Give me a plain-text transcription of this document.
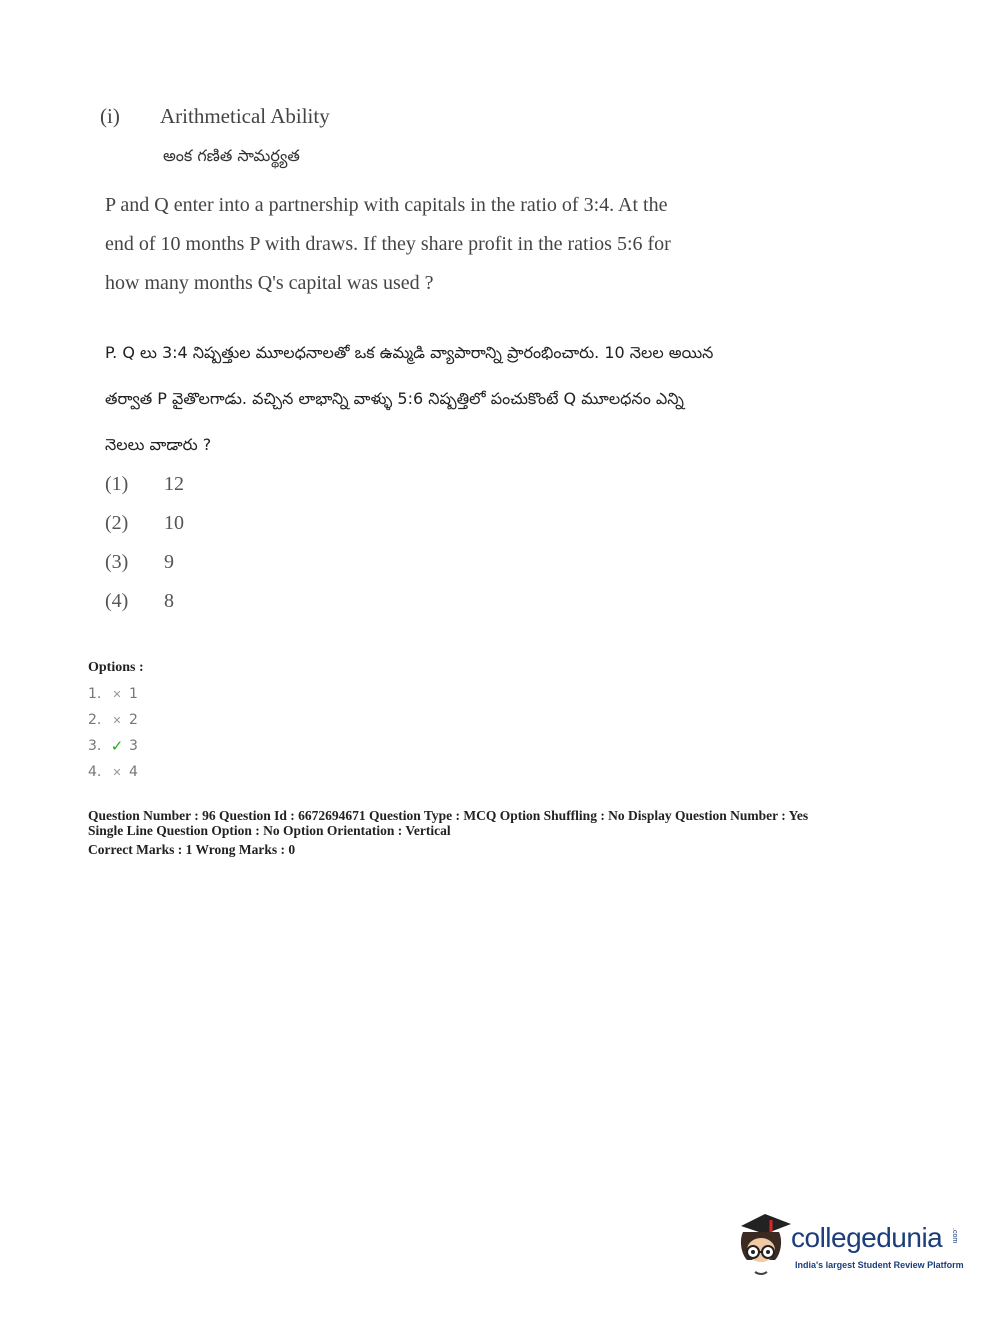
(i) Arithmetical Ability
అంక గణిత సామర్థ్యత
P and Q enter into a partnership with capitals in the ratio of 3:4. At the
end of 10 months P with draws. If they share profit in the ratios 5:6 for
how many months Q's capital was used ?
P. Q లు 3:4 నిష్పత్తుల మూలధనాలతో ఒక ఉమ్మడి వ్యాపారాన్ని ప్రారంభించారు. 10 నెలల అయిన
తర్వాత P వైతొలగాడు. వచ్చిన లాభాన్ని వాళ్ళు 5:6 నిష్పత్తిలో పంచుకొంటే Q మూలధనం ఎన్ని
నెలలు వాడారు ?
(1)	12
(2)	10
(3)	9
(4)	8
Options :
1.	✕ 1
2.	✕ 2
3. ✓ 3
4.	✕ 4
Question Number : 96 Question Id : 6672694671 Question Type : MCQ Option Shuffling : No Display Question Number : Yes
Single Line Question Option : No Option Orientation : Vertical
Correct Marks : 1 Wrong Marks : 0
collegedunia .com
India's largest Student Review Platform
